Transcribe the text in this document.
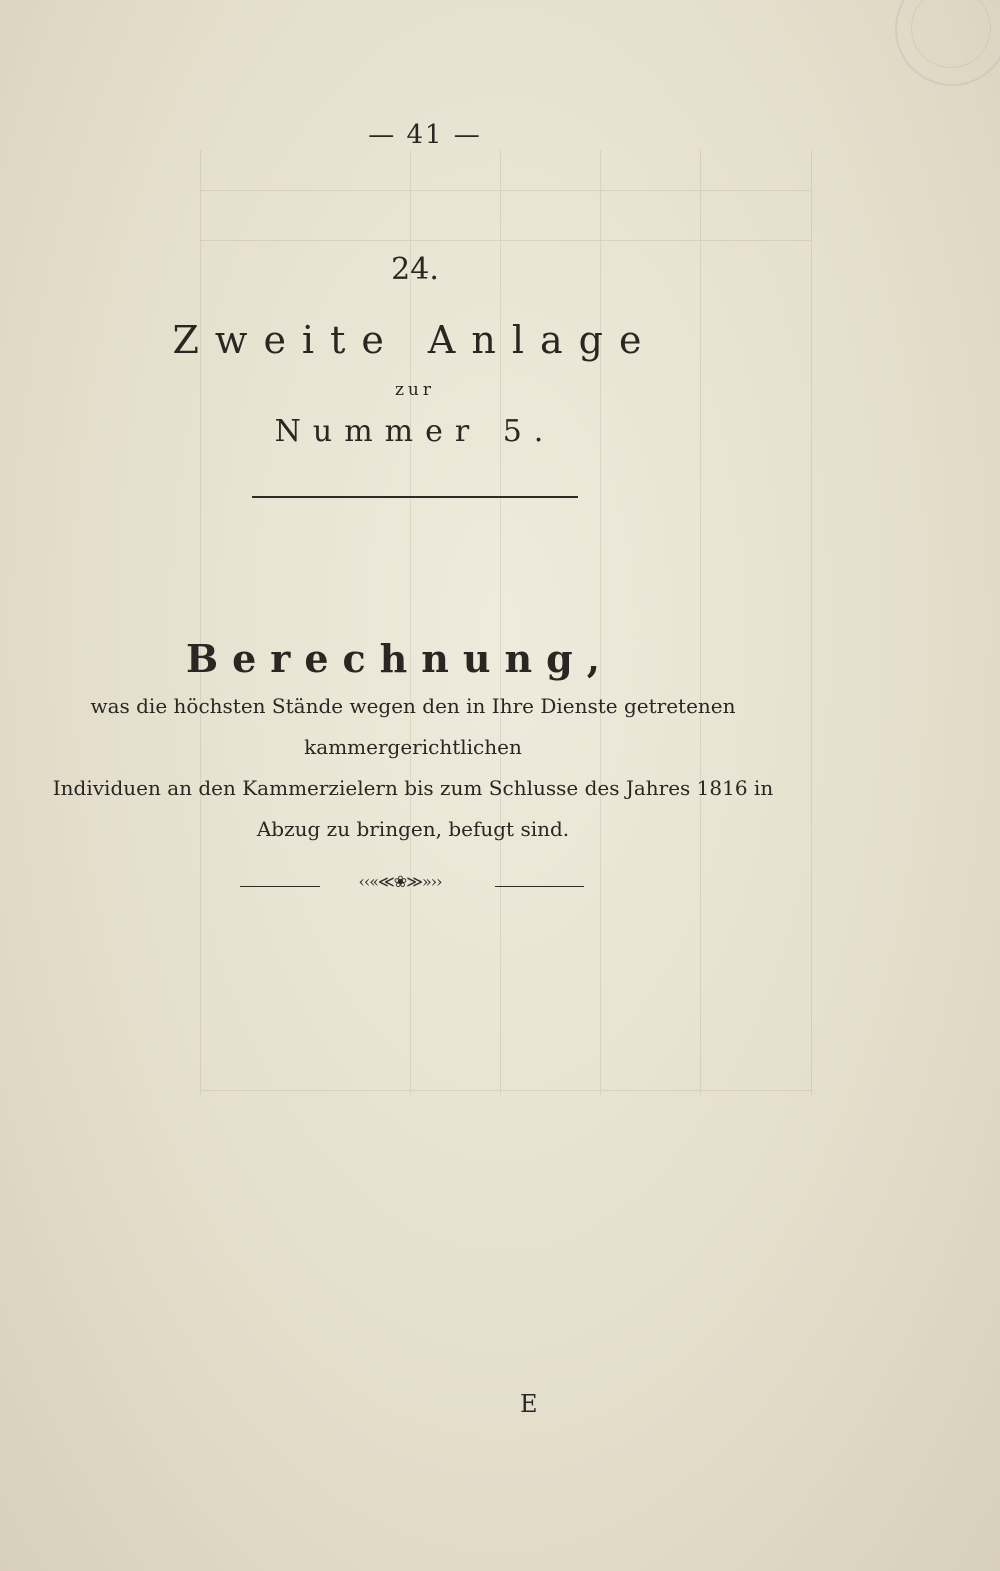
— 41 —
24.
Zweite Anlage
zur
Nummer 5.
Berechnung,
was die höchsten Stände wegen den in Ihre Dienste getretenen kammergerichtlichen
Individuen an den Kammerzielern bis zum Schlusse des Jahres 1816 in
Abzug zu bringen, befugt sind.
‹‹«≪❀≫»››
E
